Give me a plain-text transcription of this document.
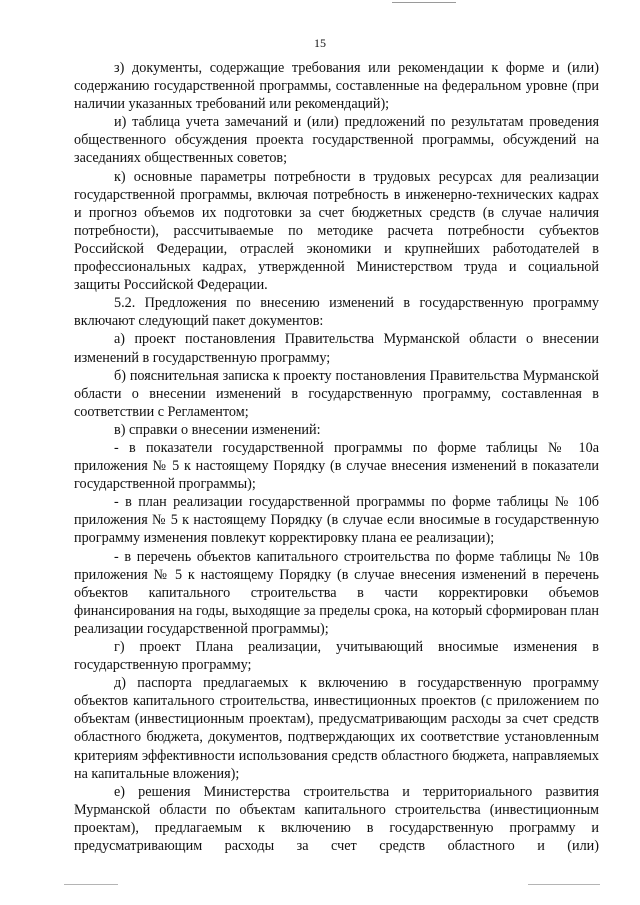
15

з) документы, содержащие требования или рекомендации к форме и (или) содержанию государственной программы, составленные на федеральном уровне (при наличии указанных требований или рекомендаций);

и) таблица учета замечаний и (или) предложений по результатам проведения общественного обсуждения проекта государственной программы, обсуждений на заседаниях общественных советов;

к) основные параметры потребности в трудовых ресурсах для реализации государственной программы, включая потребность в инженерно-технических кадрах и прогноз объемов их подготовки за счет бюджетных средств (в случае наличия потребности), рассчитываемые по методике расчета потребности субъектов Российской Федерации, отраслей экономики и крупнейших работодателей в профессиональных кадрах, утвержденной Министерством труда и социальной защиты Российской Федерации.

5.2. Предложения по внесению изменений в государственную программу включают следующий пакет документов:

а) проект постановления Правительства Мурманской области о внесении изменений в государственную программу;

б) пояснительная записка к проекту постановления Правительства Мурманской области о внесении изменений в государственную программу, составленная в соответствии с Регламентом;

в) справки о внесении изменений:

- в показатели государственной программы по форме таблицы № 10а приложения № 5 к настоящему Порядку (в случае внесения изменений в показатели государственной программы);

- в план реализации государственной программы по форме таблицы № 10б приложения № 5 к настоящему Порядку (в случае если вносимые в государственную программу изменения повлекут корректировку плана ее реализации);

- в перечень объектов капитального строительства по форме таблицы № 10в приложения № 5 к настоящему Порядку (в случае внесения изменений в перечень объектов капитального строительства в части корректировки объемов финансирования на годы, выходящие за пределы срока, на который сформирован план реализации государственной программы);

г) проект Плана реализации, учитывающий вносимые изменения в государственную программу;

д) паспорта предлагаемых к включению в государственную программу объектов капитального строительства, инвестиционных проектов (с приложением по объектам (инвестиционным проектам), предусматривающим расходы за счет средств областного бюджета, документов, подтверждающих их соответствие установленным критериям эффективности использования средств областного бюджета, направляемых на капитальные вложения);

е) решения Министерства строительства и территориального развития Мурманской области по объектам капитального строительства (инвестиционным проектам), предлагаемым к включению в государственную программу и предусматривающим расходы за счет средств областного и (или)
